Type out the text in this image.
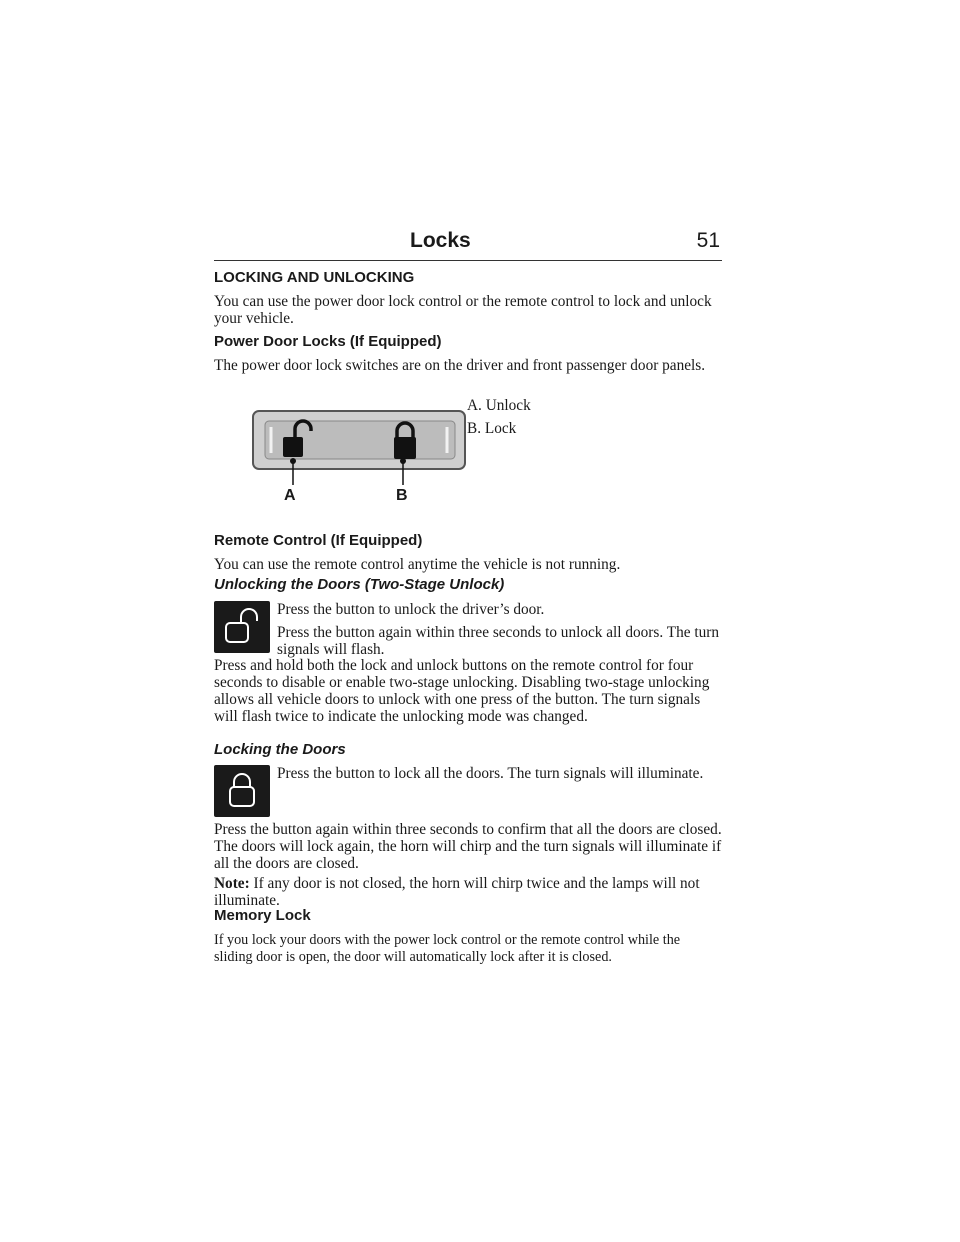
Locks	51
LOCKING AND UNLOCKING

You can use the power door lock control or the remote control to lock and unlock your vehicle.

Power Door Locks (If Equipped)

The power door lock switches are on the driver and front passenger door panels.

A	B

A. Unlock

B. Lock

Remote Control (If Equipped)

You can use the remote control anytime the vehicle is not running.

Unlocking the Doors (Two-Stage Unlock)

Press the button to unlock the driver’s door.

Press the button again within three seconds to unlock all doors. The turn signals will flash.

Press and hold both the lock and unlock buttons on the remote control for four seconds to disable or enable two-stage unlocking. Disabling two-stage unlocking allows all vehicle doors to unlock with one press of the button. The turn signals will flash twice to indicate the unlocking mode was changed.

Locking the Doors

Press the button to lock all the doors. The turn signals will illuminate.

Press the button again within three seconds to confirm that all the doors are closed. The doors will lock again, the horn will chirp and the turn signals will illuminate if all the doors are closed.

Note: If any door is not closed, the horn will chirp twice and the lamps will not illuminate.

Memory Lock

If you lock your doors with the power lock control or the remote control while the sliding door is open, the door will automatically lock after it is closed.
